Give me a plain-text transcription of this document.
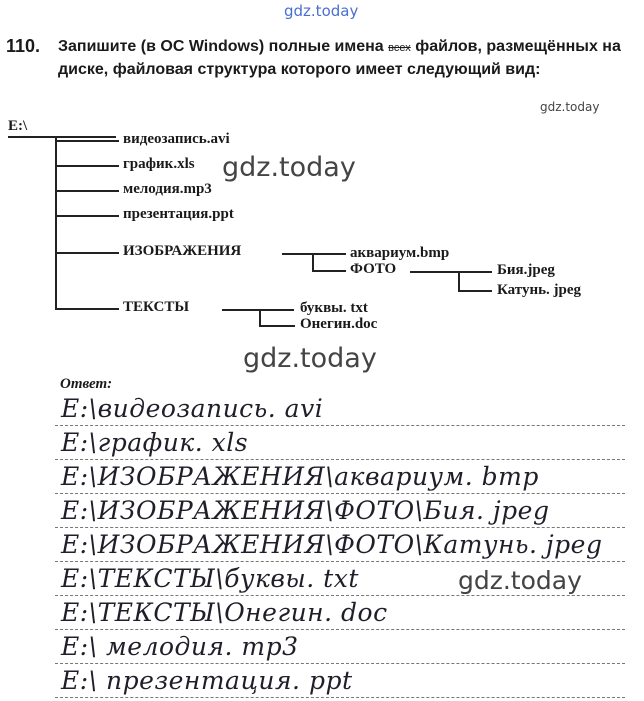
gdz.today
gdz.today
gdz.today
gdz.today
gdz.today
110. Запишите (в ОС Windows) полные имена всех файлов, размещённых на диске, файловая структура которого имеет следующий вид:
E:\
видеозапись.avi
график.xls
мелодия.mp3
презентация.ppt
ИЗОБРАЖЕНИЯ	аквариум.bmp
ФОТО	Бия.jpeg
Катунь. jpeg
ТЕКСТЫ	буквы. txt
Онегин.doc
Ответ:
E:\видеозапись. avi
E:\график. xls
E:\ИЗОБРАЖЕНИЯ\аквариум. bmp
E:\ИЗОБРАЖЕНИЯ\ФОТО\Бия. jpeg
E:\ИЗОБРАЖЕНИЯ\ФОТО\Катунь. jpeg
E:\ТЕКСТЫ\буквы. txt
E:\ТЕКСТЫ\Онегин. doc
E:\ мелодия. mp3
E:\ презентация. ppt
